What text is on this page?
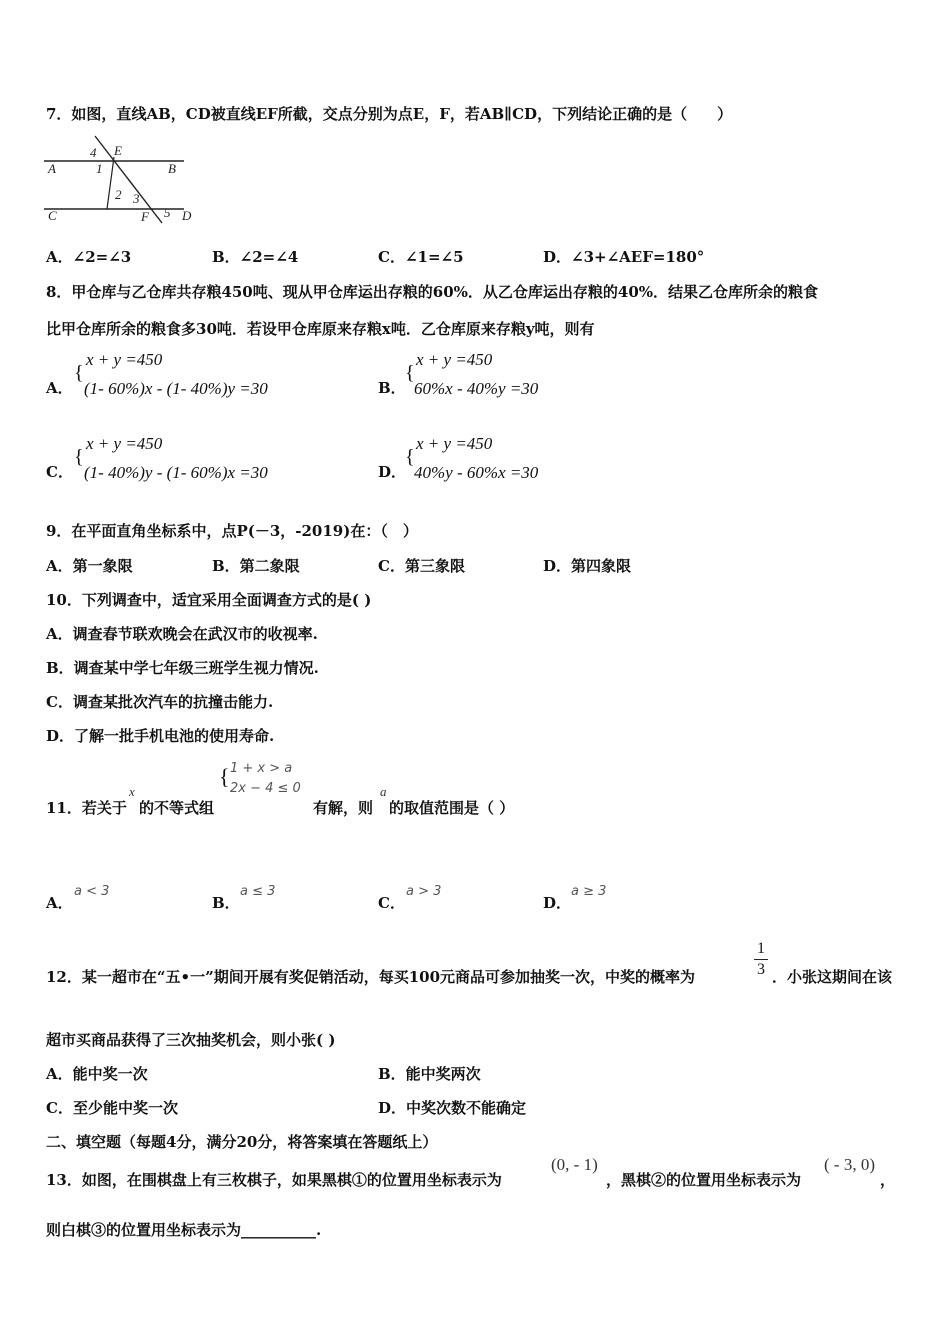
7．如图，直线AB，CD被直线EF所截，交点分别为点E，F，若AB∥CD，下列结论正确的是（　　）
A	B
C	D
E
F
1
2 3
4
5
A．∠2=∠3	B．∠2=∠4	C．∠1=∠5	D．∠3+∠AEF=180°
8．甲仓库与乙仓库共存粮450吨、现从甲仓库运出存粮的60%．从乙仓库运出存粮的40%．结果乙仓库所余的粮食
比甲仓库所余的粮食多30吨．若设甲仓库原来存粮x吨．乙仓库原来存粮y吨，则有
A．
{
x + y =450
(1- 60%)x - (1- 40%)y =30	B．
{
x + y =450
60%x - 40%y =30
C．
{
x + y =450
(1- 40%)y - (1- 60%)x =30	D．
{
x + y =450
40%y - 60%x =30
9．在平面直角坐标系中，点P(－3，-2019)在：（　）
A．第一象限	B．第二象限	C．第三象限	D．第四象限
10．下列调查中，适宜采用全面调查方式的是( )
A．调查春节联欢晚会在武汉市的收视率.
B．调查某中学七年级三班学生视力情况.
C．调查某批次汽车的抗撞击能力.
D．了解一批手机电池的使用寿命.
11．若关于
x
的不等式组
{ 1 + x > a
2x − 4 ≤ 0
有解，则
a
的取值范围是（ ）
A．
a < 3
B．
a ≤ 3
C．
a > 3
D．
a ≥ 3
12．某一超市在“五•一”期间开展有奖促销活动，每买100元商品可参加抽奖一次，中奖的概率为
1
3 ．小张这期间在该
超市买商品获得了三次抽奖机会，则小张( )
A．能中奖一次	B．能中奖两次
C．至少能中奖一次	D．中奖次数不能确定
二、填空题（每题4分，满分20分，将答案填在答题纸上）
13．如图，在围棋盘上有三枚棋子，如果黑棋①的位置用坐标表示为
(0, - 1)
，黑棋②的位置用坐标表示为
( - 3, 0)
，
则白棋③的位置用坐标表示为__________.
